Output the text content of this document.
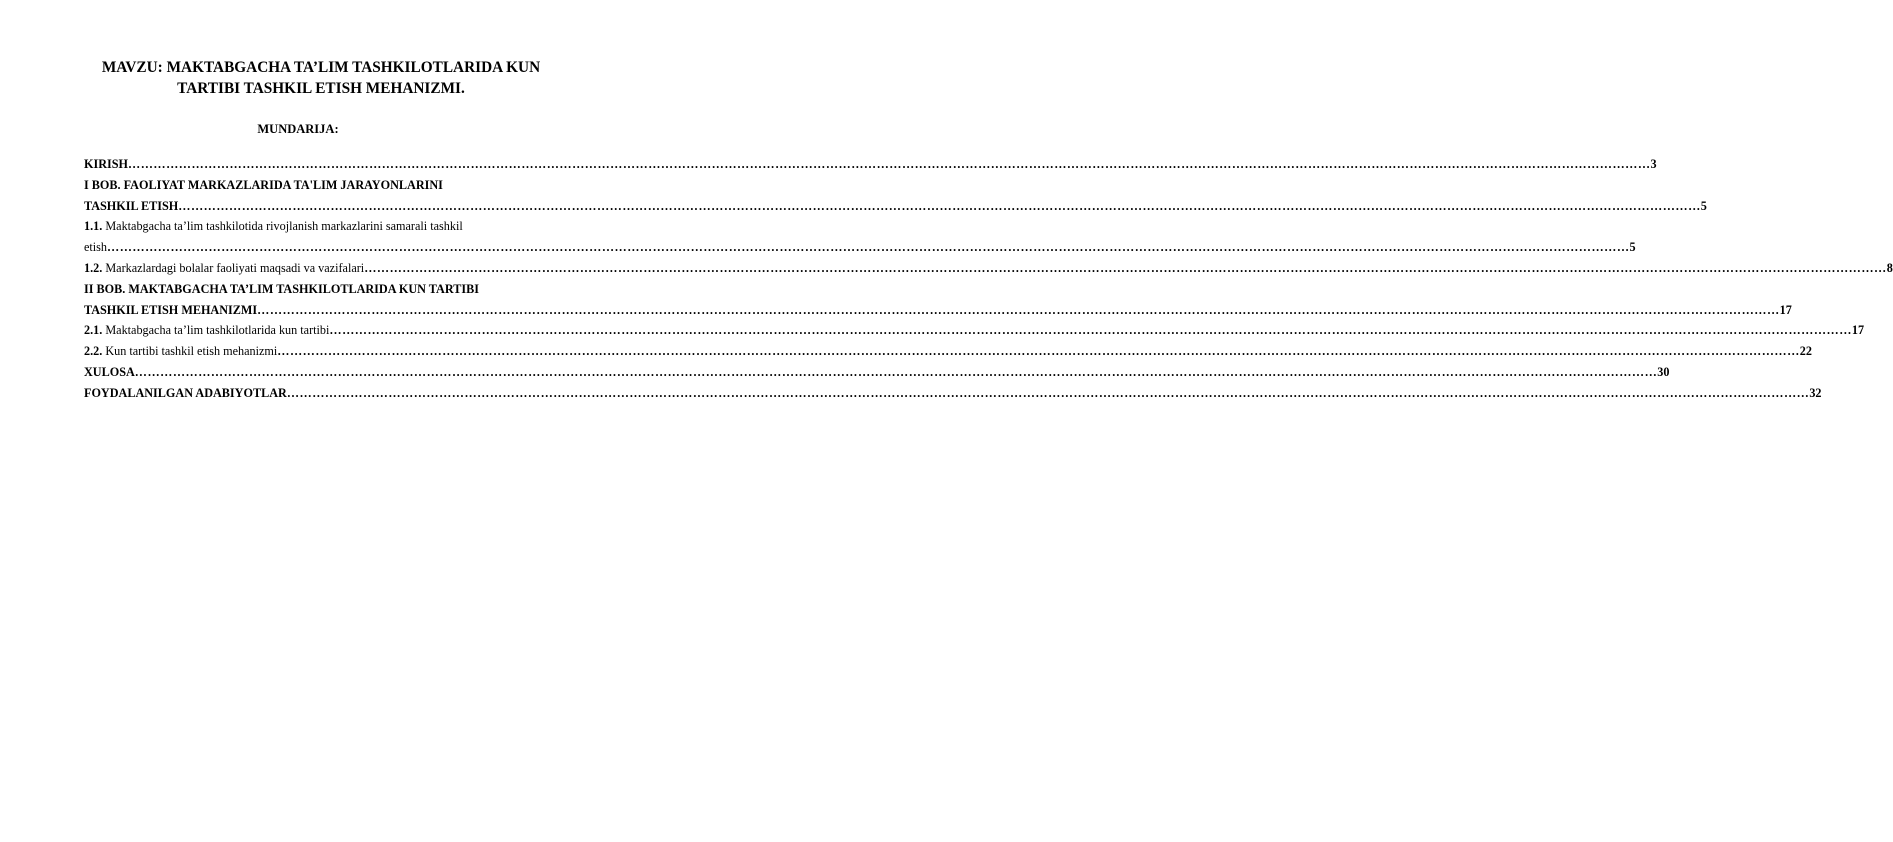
MAVZU: MAKTABGACHA TA’LIM TASHKILOTLARIDA KUN TARTIBI TASHKIL ETISH MEHANIZMI.
MUNDARIJA:
KIRISH ……………………………………………………………………………………………………………………………………………………………………………………………………………………………………………………………………………………………………………………………… 3
I BOB. FAOLIYAT MARKAZLARIDA TA'LIM JARAYONLARINI
TASHKIL ETISH ……………………………………………………………………………………………………………………………………………………………………………………………………………………………………………………………………………………………………………………………… 5
1.1. Maktabgacha ta’lim tashkilotida rivojlanish markazlarini samarali tashkil
etish ……………………………………………………………………………………………………………………………………………………………………………………………………………………………………………………………………………………………………………………………… 5
1.2. Markazlardagi bolalar faoliyati maqsadi va vazifalari ……………………………………………………………………………………………………………………………………………………………………………………………………………………………………………………………………………………………………………………………… 8
II BOB. MAKTABGACHA TA’LIM TASHKILOTLARIDA KUN TARTIBI
TASHKIL ETISH MEHANIZMI ……………………………………………………………………………………………………………………………………………………………………………………………………………………………………………………………………………………………………………………………… 17
2.1. Maktabgacha ta’lim tashkilotlarida kun tartibi ……………………………………………………………………………………………………………………………………………………………………………………………………………………………………………………………………………………………………………………………… 17
2.2. Kun tartibi tashkil etish mehanizmi ……………………………………………………………………………………………………………………………………………………………………………………………………………………………………………………………………………………………………………………………… 22
XULOSA ……………………………………………………………………………………………………………………………………………………………………………………………………………………………………………………………………………………………………………………………… 30
FOYDALANILGAN ADABIYOTLAR ……………………………………………………………………………………………………………………………………………………………………………………………………………………………………………………………………………………………………………………………… 32
